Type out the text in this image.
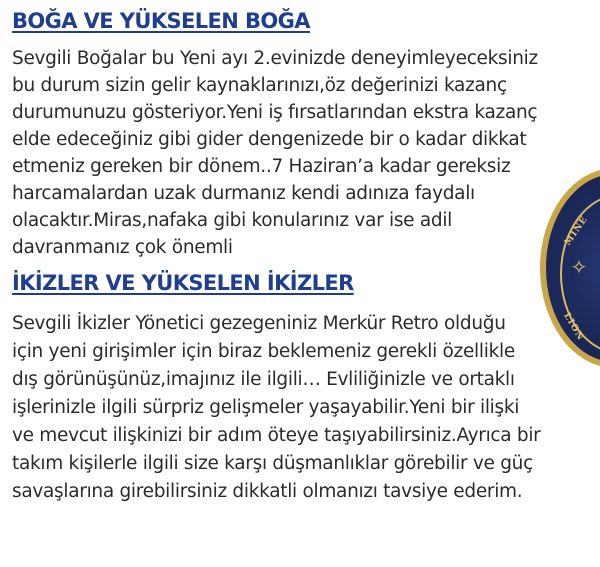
MINE
✧
LION
BOĞA VE YÜKSELEN BOĞA

Sevgili Boğalar bu Yeni ayı 2.evinizde deneyimleyeceksiniz

bu durum sizin gelir kaynaklarınızı,öz değerinizi kazanç

durumunuzu gösteriyor.Yeni iş fırsatlarından ekstra kazanç

elde edeceğiniz gibi gider dengenizede bir o kadar dikkat

etmeniz gereken bir dönem..7 Haziran’a kadar gereksiz

harcamalardan uzak durmanız kendi adınıza faydalı

olacaktır.Miras,nafaka gibi konularınız var ise adil

davranmanız çok önemli

İKİZLER VE YÜKSELEN İKİZLER

Sevgili İkizler Yönetici gezegeniniz Merkür Retro olduğu

için yeni girişimler için biraz beklemeniz gerekli özellikle

dış görünüşünüz,imajınız ile ilgili… Evliliğinizle ve ortaklı

işlerinizle ilgili sürpriz gelişmeler yaşayabilir.Yeni bir ilişki

ve mevcut ilişkinizi bir adım öteye taşıyabilirsiniz.Ayrıca bir

takım kişilerle ilgili size karşı düşmanlıklar görebilir ve güç

savaşlarına girebilirsiniz dikkatli olmanızı tavsiye ederim.
